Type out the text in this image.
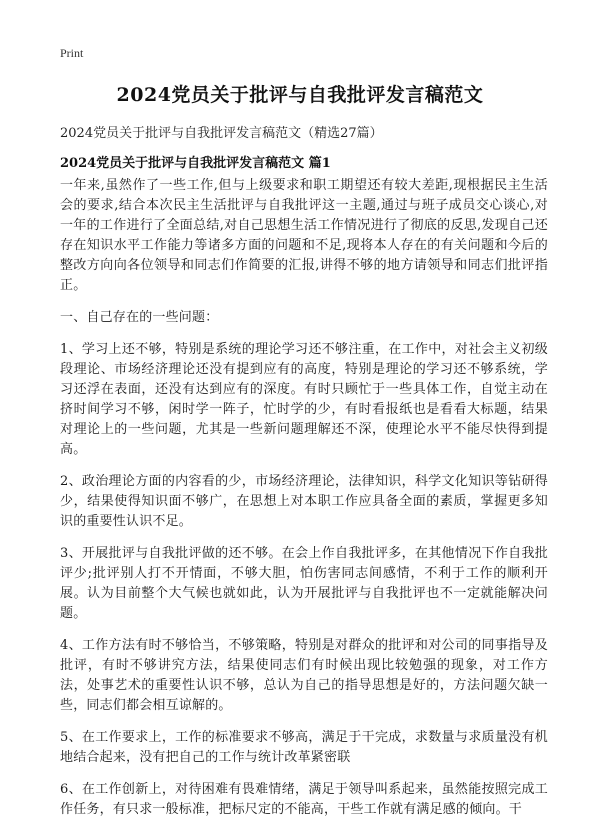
Print
2024党员关于批评与自我批评发言稿范文
2024党员关于批评与自我批评发言稿范文（精选27篇）
2024党员关于批评与自我批评发言稿范文 篇1

一年来,虽然作了一些工作,但与上级要求和职工期望还有较大差距,现根据民主生活会的要求,结合本次民主生活批评与自我批评这一主题,通过与班子成员交心谈心,对一年的工作进行了全面总结,对自己思想生活工作情况进行了彻底的反思,发现自己还存在知识水平工作能力等诸多方面的问题和不足,现将本人存在的有关问题和今后的整改方向向各位领导和同志们作简要的汇报,讲得不够的地方请领导和同志们批评指正。

一、自己存在的一些问题：

1、学习上还不够，特别是系统的理论学习还不够注重，在工作中，对社会主义初级段理论、市场经济理论还没有提到应有的高度，特别是理论的学习还不够系统，学习还浮在表面，还没有达到应有的深度。有时只顾忙于一些具体工作，自觉主动在挤时间学习不够，闲时学一阵子，忙时学的少，有时看报纸也是看看大标题，结果对理论上的一些问题，尤其是一些新问题理解还不深，使理论水平不能尽快得到提高。

2、政治理论方面的内容看的少，市场经济理论，法律知识，科学文化知识等钻研得少，结果使得知识面不够广，在思想上对本职工作应具备全面的素质，掌握更多知识的重要性认识不足。

3、开展批评与自我批评做的还不够。在会上作自我批评多，在其他情况下作自我批评少;批评别人打不开情面，不够大胆，怕伤害同志间感情，不利于工作的顺利开展。认为目前整个大气候也就如此，认为开展批评与自我批评也不一定就能解决问题。

4、工作方法有时不够恰当，不够策略，特别是对群众的批评和对公司的同事指导及批评，有时不够讲究方法，结果使同志们有时候出现比较勉强的现象，对工作方法，处事艺术的重要性认识不够，总认为自己的指导思想是好的，方法问题欠缺一些，同志们都会相互谅解的。

5、在工作要求上，工作的标准要求不够高，满足于干完成，求数量与求质量没有机地结合起来，没有把自己的工作与统计改革紧密联

6、在工作创新上，对待困难有畏难情绪，满足于领导叫系起来，虽然能按照完成工作任务，有只求一般标准，把标尺定的不能高，干些工作就有满足感的倾向。干
